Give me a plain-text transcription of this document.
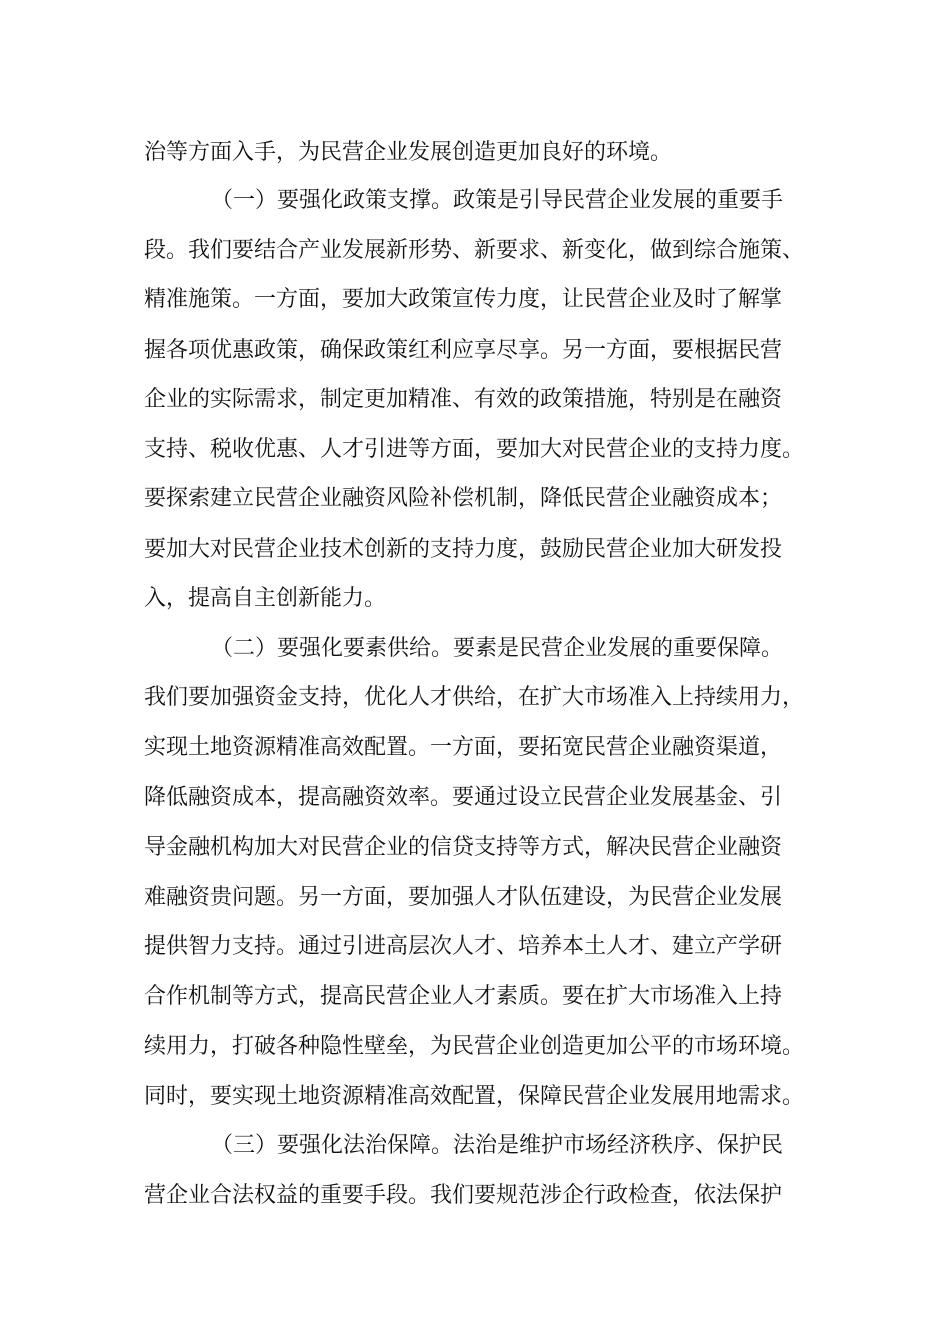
治等方面入手，为民营企业发展创造更加良好的环境。

（一）要强化政策支撑。政策是引导民营企业发展的重要手

段。我们要结合产业发展新形势、新要求、新变化，做到综合施策、

精准施策。一方面，要加大政策宣传力度，让民营企业及时了解掌

握各项优惠政策，确保政策红利应享尽享。另一方面，要根据民营

企业的实际需求，制定更加精准、有效的政策措施，特别是在融资

支持、税收优惠、人才引进等方面，要加大对民营企业的支持力度。

要探索建立民营企业融资风险补偿机制，降低民营企业融资成本；

要加大对民营企业技术创新的支持力度，鼓励民营企业加大研发投

入，提高自主创新能力。

（二）要强化要素供给。要素是民营企业发展的重要保障。

我们要加强资金支持，优化人才供给，在扩大市场准入上持续用力，

实现土地资源精准高效配置。一方面，要拓宽民营企业融资渠道，

降低融资成本，提高融资效率。要通过设立民营企业发展基金、引

导金融机构加大对民营企业的信贷支持等方式，解决民营企业融资

难融资贵问题。另一方面，要加强人才队伍建设，为民营企业发展

提供智力支持。通过引进高层次人才、培养本土人才、建立产学研

合作机制等方式，提高民营企业人才素质。要在扩大市场准入上持

续用力，打破各种隐性壁垒，为民营企业创造更加公平的市场环境。

同时，要实现土地资源精准高效配置，保障民营企业发展用地需求。

（三）要强化法治保障。法治是维护市场经济秩序、保护民

营企业合法权益的重要手段。我们要规范涉企行政检查，依法保护
